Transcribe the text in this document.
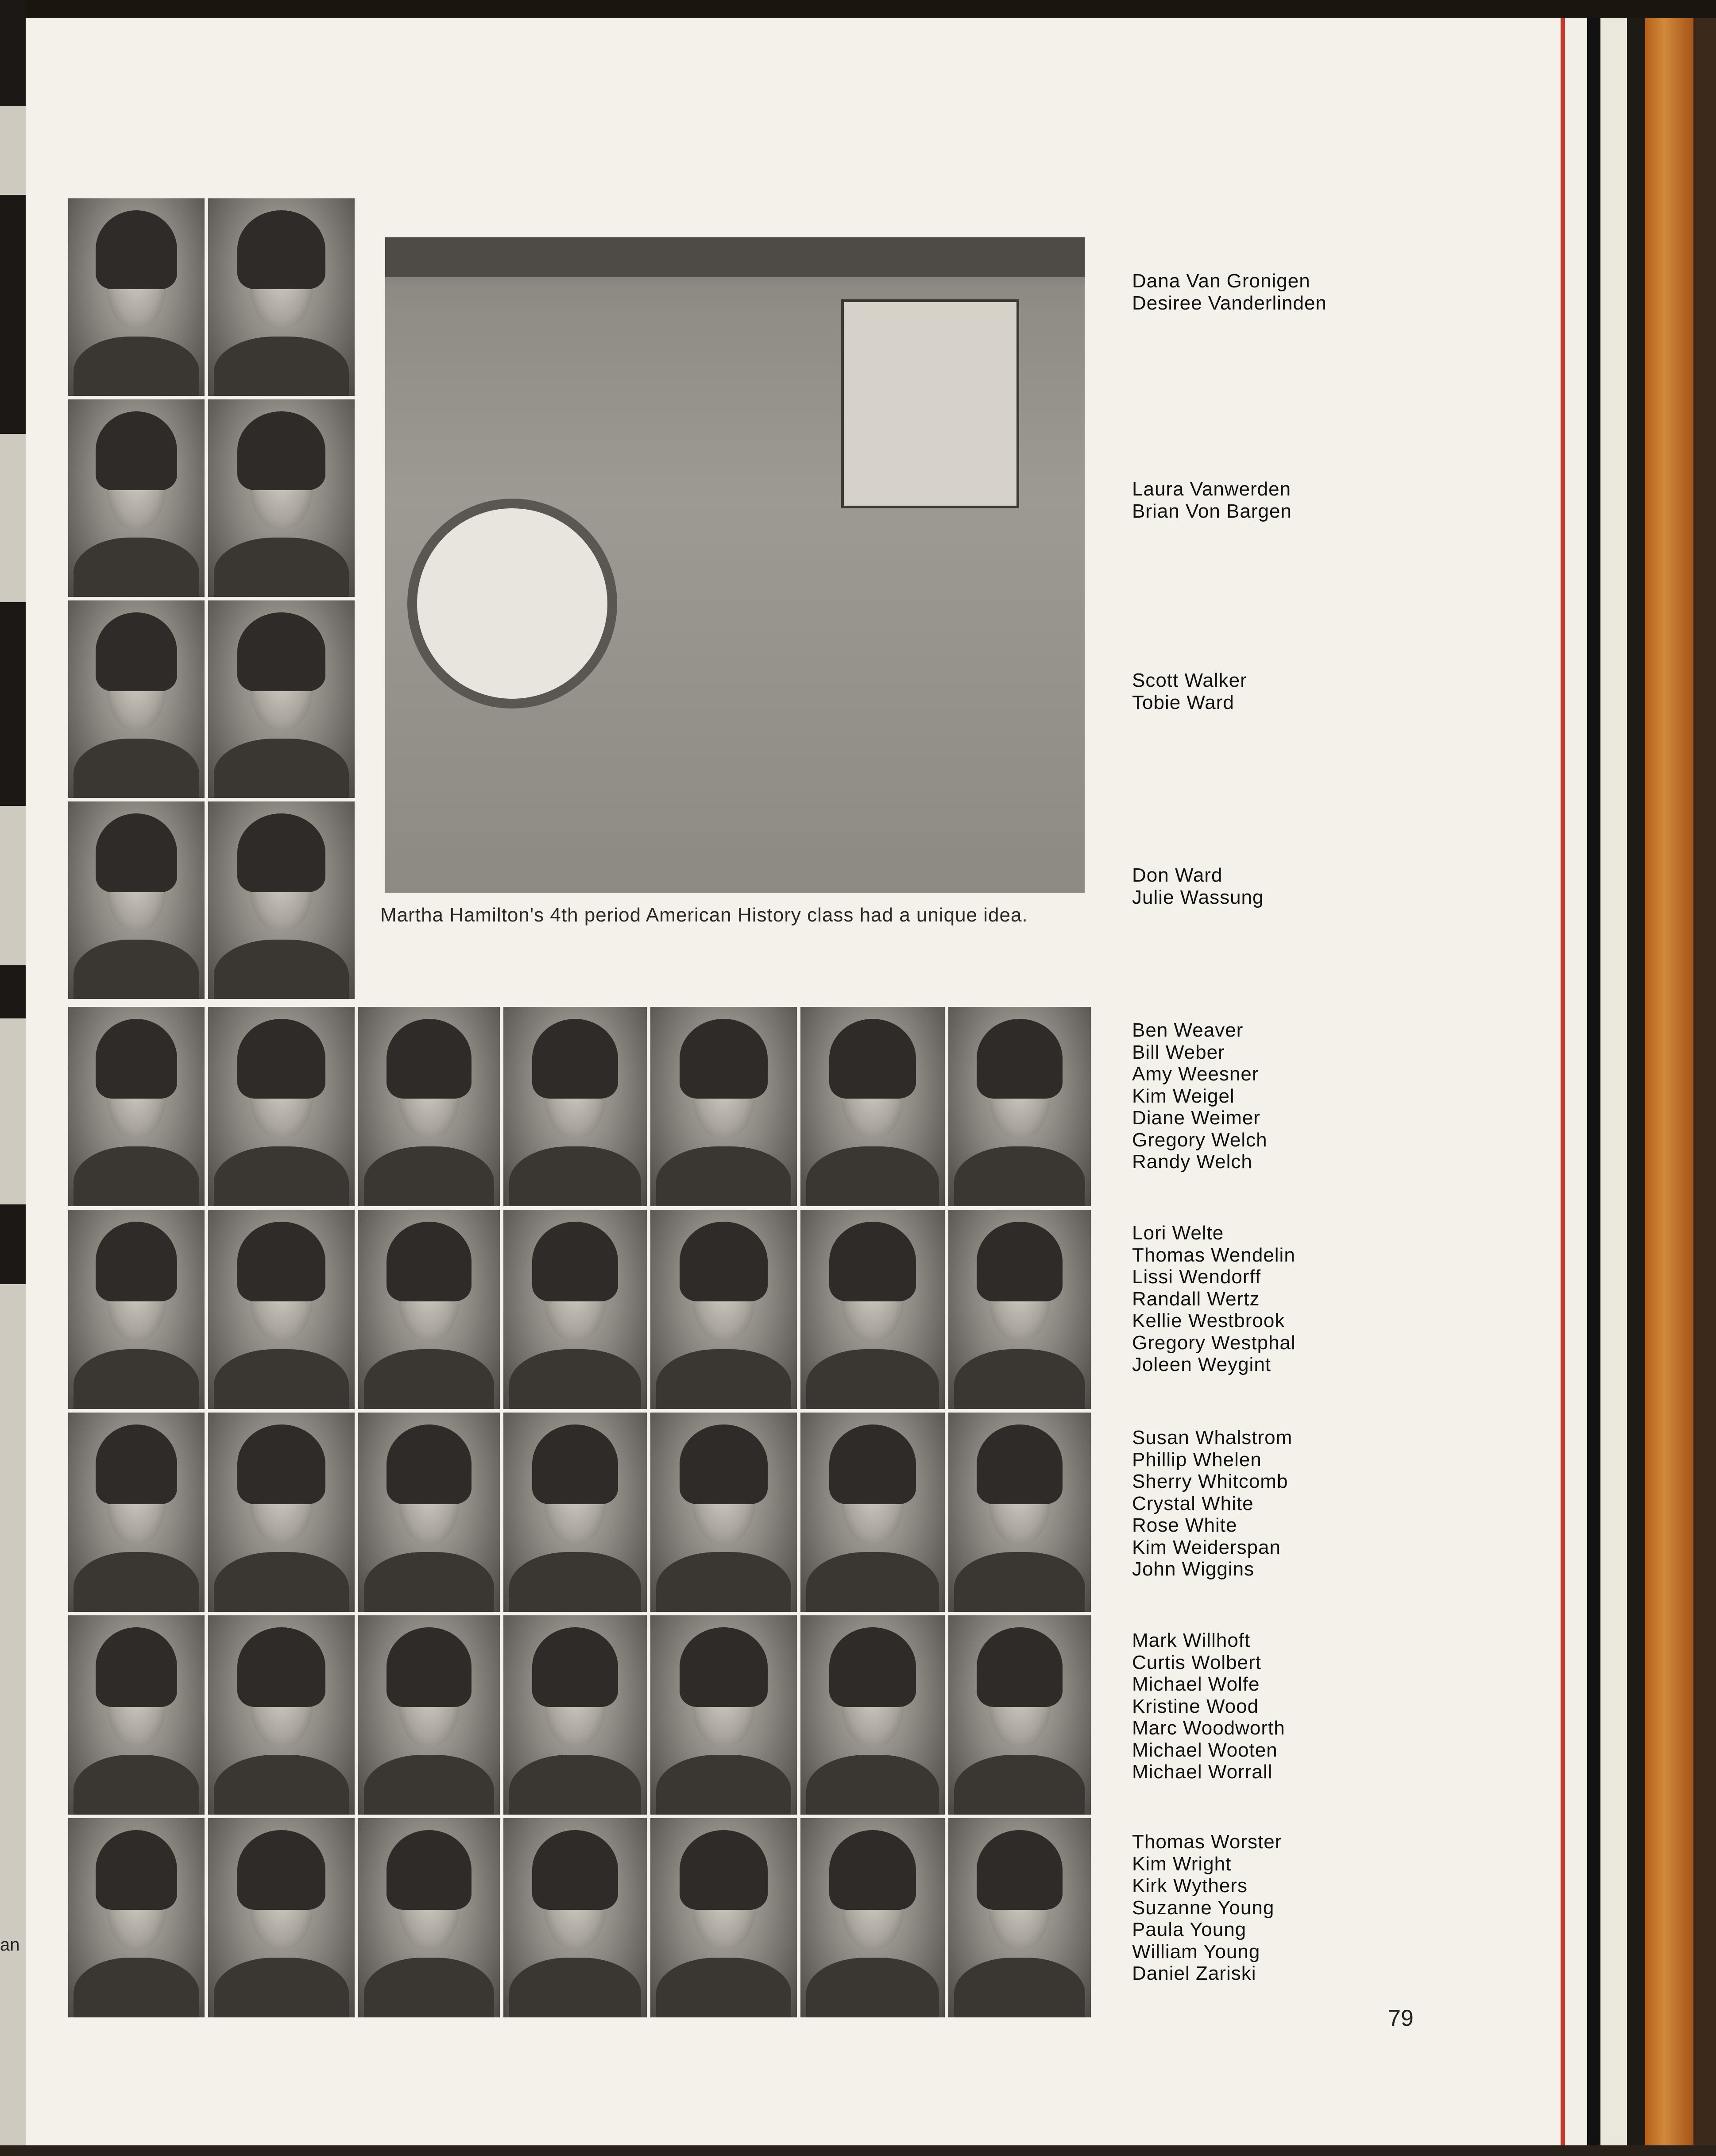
an
Martha Hamilton's 4th period American History class had a unique idea.
Dana Van Gronigen
Desiree Vanderlinden
Laura Vanwerden
Brian Von Bargen
Scott Walker
Tobie Ward
Don Ward
Julie Wassung
Ben Weaver
Bill Weber
Amy Weesner
Kim Weigel
Diane Weimer
Gregory Welch
Randy Welch
Lori Welte
Thomas Wendelin
Lissi Wendorff
Randall Wertz
Kellie Westbrook
Gregory Westphal
Joleen Weygint
Susan Whalstrom
Phillip Whelen
Sherry Whitcomb
Crystal White
Rose White
Kim Weiderspan
John Wiggins
Mark Willhoft
Curtis Wolbert
Michael Wolfe
Kristine Wood
Marc Woodworth
Michael Wooten
Michael Worrall
Thomas Worster
Kim Wright
Kirk Wythers
Suzanne Young
Paula Young
William Young
Daniel Zariski
79
